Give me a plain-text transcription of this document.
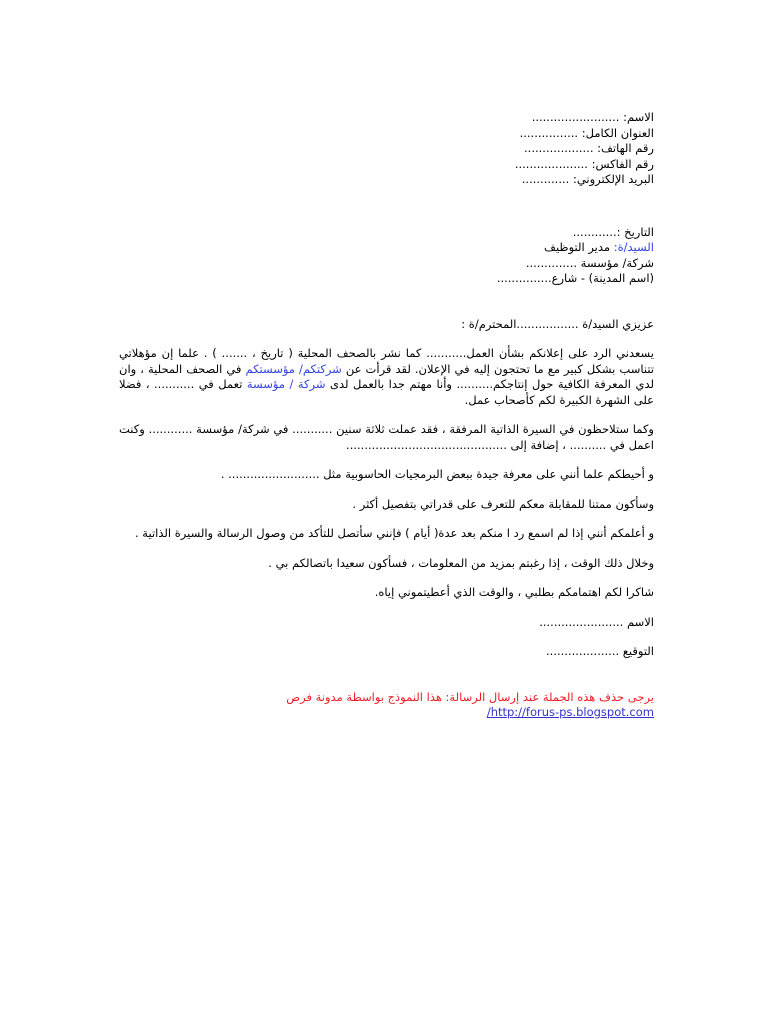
الاسم: ........................
العنوان الكامل: ................
رقم الهاتف: ...................
رقم الفاكس: ....................
البريد الإلكتروني: .............
التاريخ :............
السيد/ة: مدير التوظيف
شركة/ مؤسسة ..............
(اسم المدينة) - شارع...............
عزيزي السيد/ة .................المحترم/ة :
يسعدني الرد على إعلانكم بشأن العمل........... كما نشر بالصحف المحلية ( تاريخ ، ....... ) . علما إن مؤهلاتي تتناسب بشكل كبير مع ما تحتجون إليه في الإعلان. لقد قرأت عن شركتكم/ مؤسستكم في الصحف المحلية ، وان لدي المعرفة الكافية حول إنتاجكم.......... وأنا مهتم جدا بالعمل لدى شركة / مؤسسة تعمل في ........... ، فضلا على الشهرة الكبيرة لكم كأصحاب عمل.
وكما ستلاحظون في السيرة الذاتية المرفقة ، فقد عملت ثلاثة سنين ........... في شركة/ مؤسسة ............ وكنت اعمل في .......... ، إضافة إلى ............................................
و أحيطكم علما أنني على معرفة جيدة ببعض البرمجيات الحاسوبية مثل ......................... .
وسأكون ممتنا للمقابلة معكم للتعرف على قدراتي بتفصيل أكثر .
و أعلمكم أنني إذا لم اسمع رد ا منكم بعد عدة( أيام ) فإنني سأتصل للتأكد من وصول الرسالة والسيرة الذاتية .
وخلال ذلك الوقت ، إذا رغبتم بمزيد من المعلومات ، فسأكون سعيدا باتصالكم بي .
شاكرا لكم اهتمامكم بطلبي ، والوقت الذي أعطيتموني إياه.
الاسم .......................
التوقيع ....................
يرجى حذف هذه الجملة عند إرسال الرسالة: هذا النموذج بواسطة مدونة فرص
http://forus-ps.blogspot.com/
